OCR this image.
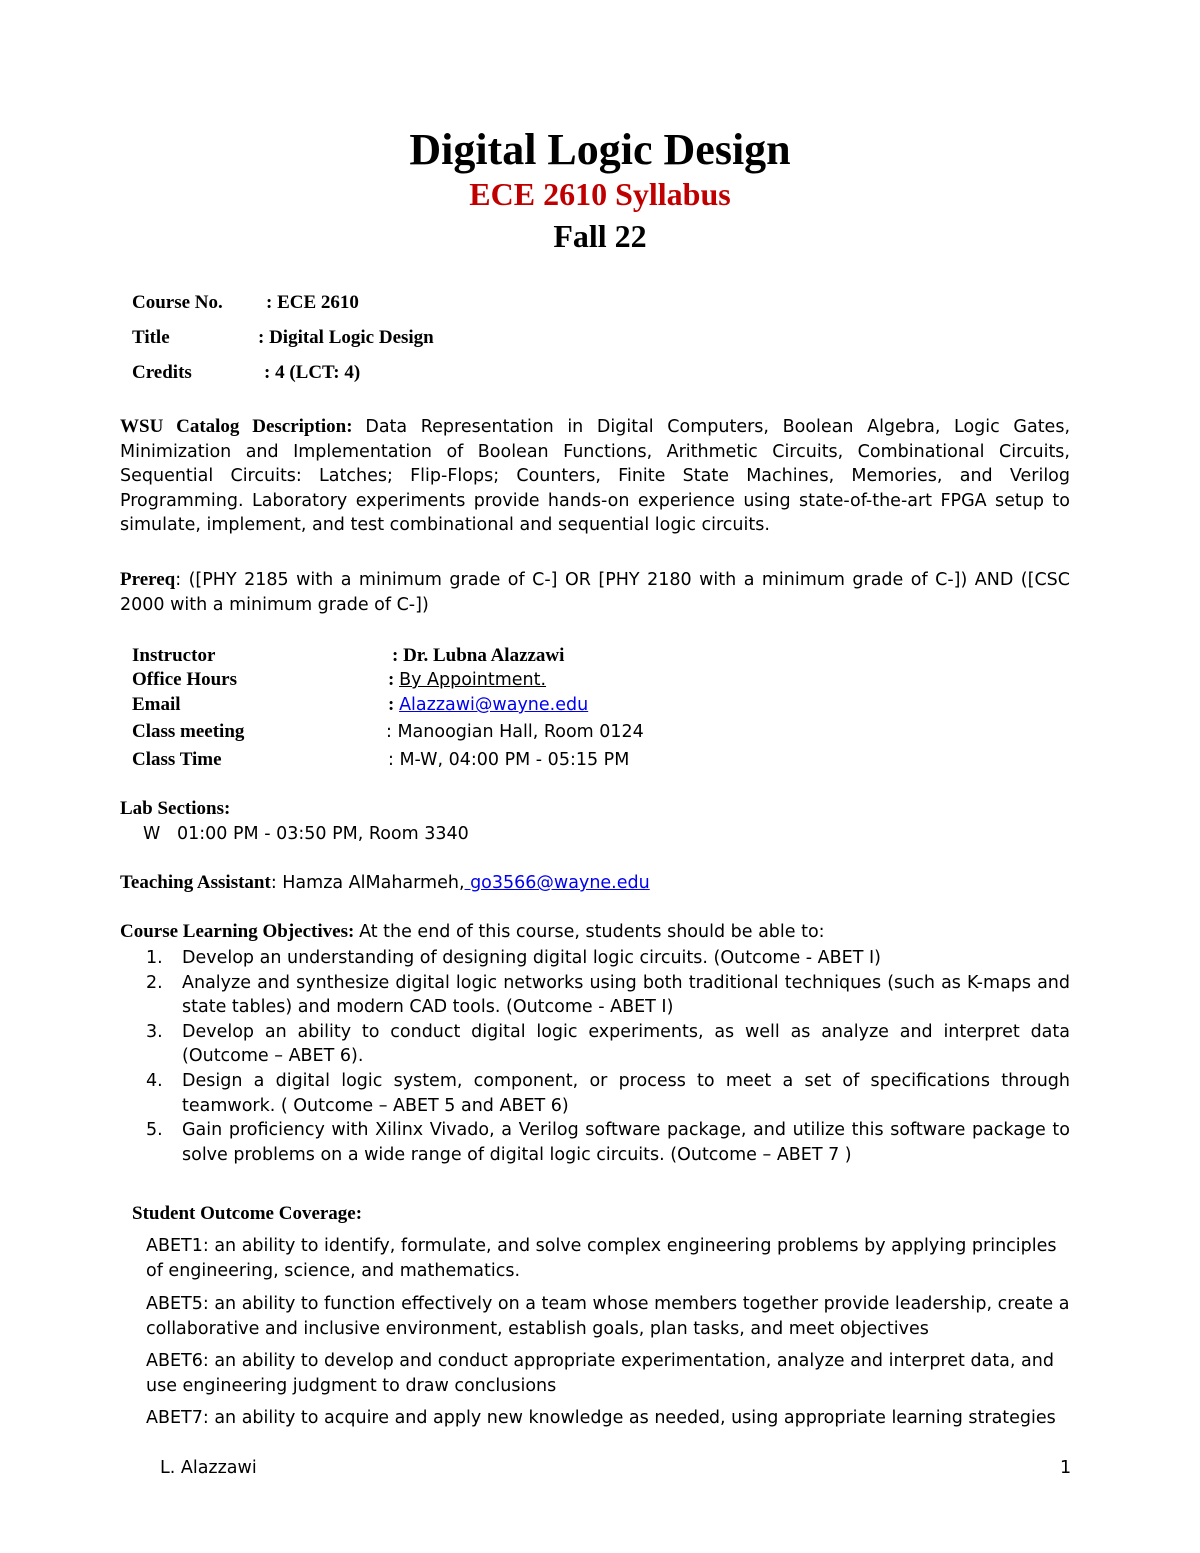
Digital Logic Design
ECE 2610 Syllabus
Fall 22
Course No. : ECE 2610
Title	: Digital Logic Design
Credits	: 4 (LCT: 4)
WSU Catalog Description: Data Representation in Digital Computers, Boolean Algebra, Logic Gates, Minimization and Implementation of Boolean Functions, Arithmetic Circuits, Combinational Circuits, Sequential Circuits: Latches; Flip-Flops; Counters, Finite State Machines, Memories, and Verilog Programming. Laboratory experiments provide hands-on experience using state-of-the-art FPGA setup to simulate, implement, and test combinational and sequential logic circuits.
Prereq: ([PHY 2185 with a minimum grade of C-] OR [PHY 2180 with a minimum grade of C-]) AND ([CSC 2000 with a minimum grade of C-])
Instructor	: Dr. Lubna Alazzawi
Office Hours	: By Appointment.
Email	: Alazzawi@wayne.edu
Class meeting	: Manoogian Hall, Room 0124
Class Time	: M-W, 04:00 PM - 05:15 PM
Lab Sections:
W   01:00 PM - 03:50 PM, Room 3340
Teaching Assistant: Hamza AlMaharmeh, go3566@wayne.edu
Course Learning Objectives: At the end of this course, students should be able to:
1. Develop an understanding of designing digital logic circuits. (Outcome - ABET I)
2. Analyze and synthesize digital logic networks using both traditional techniques (such as K-maps and state tables) and modern CAD tools. (Outcome - ABET I)
3. Develop an ability to conduct digital logic experiments, as well as analyze and interpret data (Outcome – ABET 6).
4. Design a digital logic system, component, or process to meet a set of specifications through teamwork. ( Outcome – ABET 5 and ABET 6)
5. Gain proficiency with Xilinx Vivado, a Verilog software package, and utilize this software package to solve problems on a wide range of digital logic circuits. (Outcome – ABET 7 )
Student Outcome Coverage:
ABET1: an ability to identify, formulate, and solve complex engineering problems by applying principles of engineering, science, and mathematics.
ABET5: an ability to function effectively on a team whose members together provide leadership, create a collaborative and inclusive environment, establish goals, plan tasks, and meet objectives
ABET6: an ability to develop and conduct appropriate experimentation, analyze and interpret data, and use engineering judgment to draw conclusions
ABET7: an ability to acquire and apply new knowledge as needed, using appropriate learning strategies
L. Alazzawi	1
